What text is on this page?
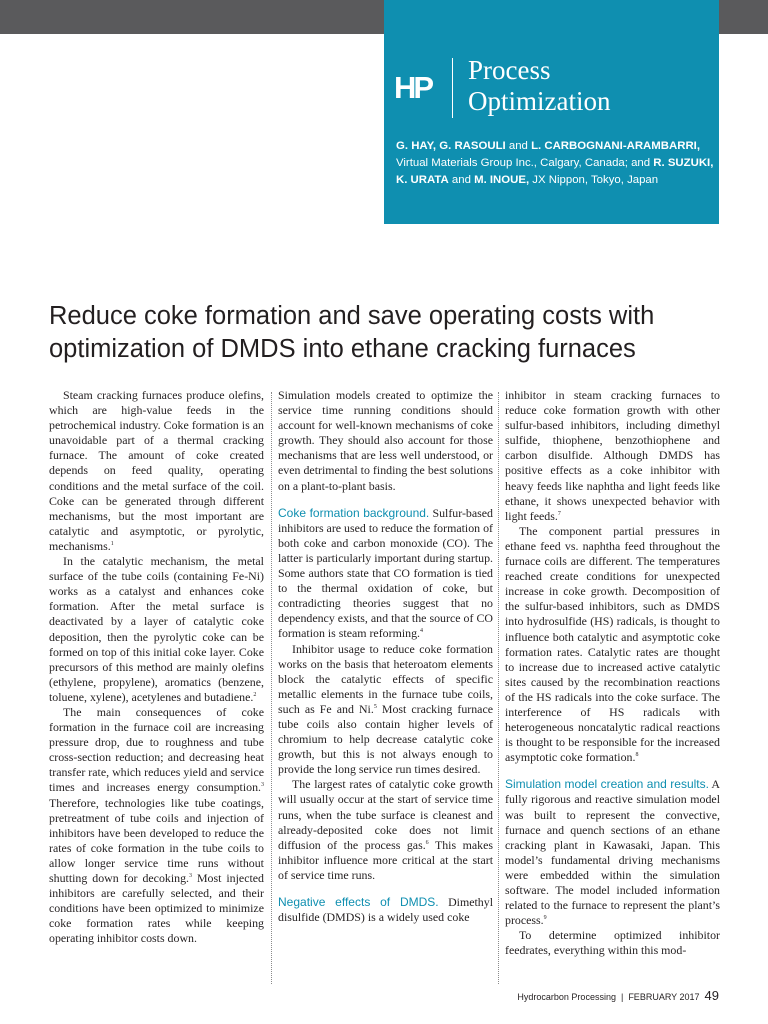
HP Process
Optimization

G. HAY, G. RASOULI and L. CARBOGNANI-ARAMBARRI, Virtual Materials Group Inc., Calgary, Canada; and R. SUZUKI, K. URATA and M. INOUE, JX Nippon, Tokyo, Japan

Reduce coke formation and save operating costs with optimization of DMDS into ethane cracking furnaces

Steam cracking furnaces produce olefins, which are high-value feeds in the petrochemical industry. Coke formation is an unavoidable part of a thermal cracking furnace. The amount of coke created depends on feed quality, operating conditions and the metal surface of the coil. Coke can be generated through different mechanisms, but the most important are catalytic and asymptotic, or pyrolytic, mechanisms.$^1$

In the catalytic mechanism, the metal surface of the tube coils (containing Fe-Ni) works as a catalyst and enhances coke formation. After the metal surface is deactivated by a layer of catalytic coke deposition, then the pyrolytic coke can be formed on top of this initial coke layer. Coke precursors of this method are mainly olefins (ethylene, propylene), aromatics (benzene, toluene, xylene), acetylenes and butadiene.$^2$

The main consequences of coke formation in the furnace coil are increasing pressure drop, due to roughness and tube cross-section reduction; and decreasing heat transfer rate, which reduces yield and service times and increases energy consumption.$^3$ Therefore, technologies like tube coatings, pretreatment of tube coils and injection of inhibitors have been developed to reduce the rates of coke formation in the tube coils to allow longer service time runs without shutting down for decoking.$^3$ Most injected inhibitors are carefully selected, and their conditions have been optimized to minimize coke formation rates while keeping operating inhibitor costs down.

Simulation models created to optimize the service time running conditions should account for well-known mechanisms of coke growth. They should also account for those mechanisms that are less well understood, or even detrimental to finding the best solutions on a plant-to-plant basis.

Coke formation background. Sulfur-based inhibitors are used to reduce the formation of both coke and carbon monoxide (CO). The latter is particularly important during startup. Some authors state that CO formation is tied to the thermal oxidation of coke, but contradicting theories suggest that no dependency exists, and that the source of CO formation is steam reforming.$^4$

Inhibitor usage to reduce coke formation works on the basis that heteroatom elements block the catalytic effects of specific metallic elements in the furnace tube coils, such as Fe and Ni.$^5$ Most cracking furnace tube coils also contain higher levels of chromium to help decrease catalytic coke growth, but this is not always enough to provide the long service run times desired.

The largest rates of catalytic coke growth will usually occur at the start of service time runs, when the tube surface is cleanest and already-deposited coke does not limit diffusion of the process gas.$^6$ This makes inhibitor influence more critical at the start of service time runs.

Negative effects of DMDS. Dimethyl disulfide (DMDS) is a widely used coke

inhibitor in steam cracking furnaces to reduce coke formation growth with other sulfur-based inhibitors, including dimethyl sulfide, thiophene, benzothiophene and carbon disulfide. Although DMDS has positive effects as a coke inhibitor with heavy feeds like naphtha and light feeds like ethane, it shows unexpected behavior with light feeds.$^7$

The component partial pressures in ethane feed vs. naphtha feed throughout the furnace coils are different. The temperatures reached create conditions for unexpected increase in coke growth. Decomposition of the sulfur-based inhibitors, such as DMDS into hydrosulfide (HS) radicals, is thought to influence both catalytic and asymptotic coke formation rates. Catalytic rates are thought to increase due to increased active catalytic sites caused by the recombination reactions of the HS radicals into the coke surface. The interference of HS radicals with heterogeneous noncatalytic radical reactions is thought to be responsible for the increased asymptotic coke formation.$^8$

Simulation model creation and results. A fully rigorous and reactive simulation model was built to represent the convective, furnace and quench sections of an ethane cracking plant in Kawasaki, Japan. This model’s fundamental driving mechanisms were embedded within the simulation software. The model included information related to the furnace to represent the plant’s process.$^9$

To determine optimized inhibitor feedrates, everything within this mod-

Hydrocarbon Processing | FEBRUARY 2017 49
